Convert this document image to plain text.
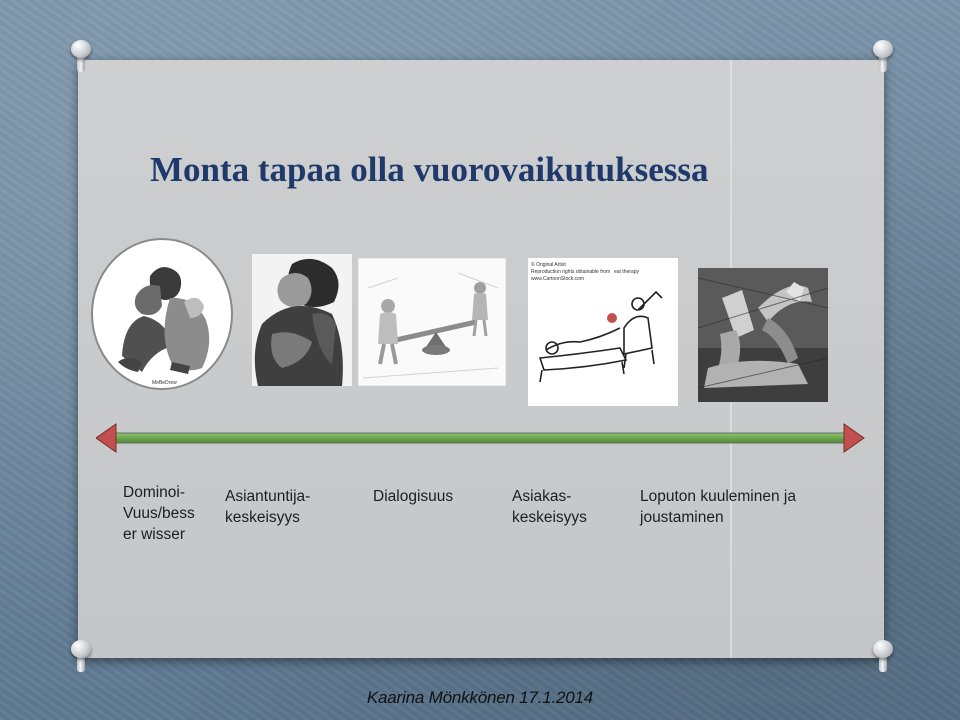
Monta tapaa olla vuorovaikutuksessa
MeBeDrew
© Original Artist
Reproduction rights obtainable from eat therapy
www.CartoonStock.com
Dominoi-
Vuus/bess
er wisser
Asiantuntija-
keskeisyys
Dialogisuus	Asiakas-
keskeisyys
Loputon kuuleminen ja
joustaminen
Kaarina Mönkkönen 17.1.2014
